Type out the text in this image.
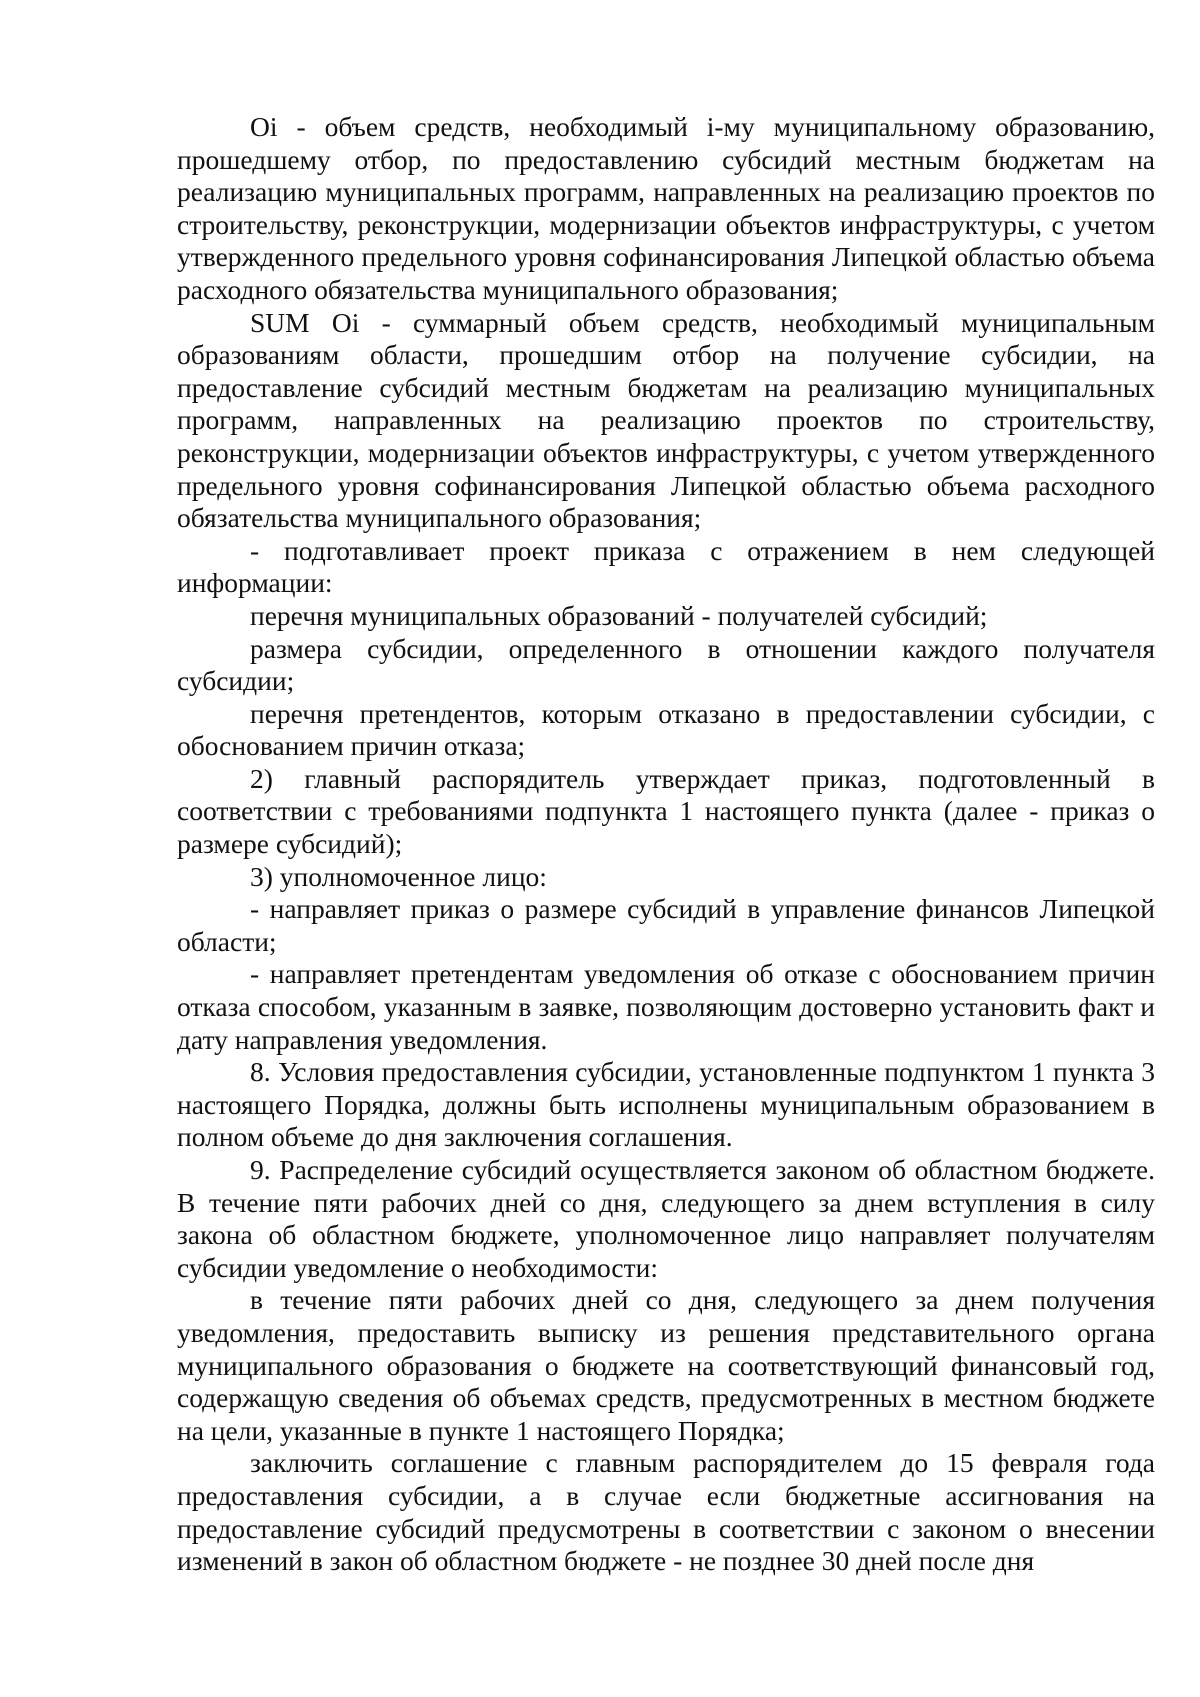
Oi - объем средств, необходимый i-му муниципальному образованию, прошедшему отбор, по предоставлению субсидий местным бюджетам на реализацию муниципальных программ, направленных на реализацию проектов по строительству, реконструкции, модернизации объектов инфраструктуры, с учетом утвержденного предельного уровня софинансирования Липецкой областью объема расходного обязательства муниципального образования;

SUM Oi - суммарный объем средств, необходимый муниципальным образованиям области, прошедшим отбор на получение субсидии, на предоставление субсидий местным бюджетам на реализацию муниципальных программ, направленных на реализацию проектов по строительству, реконструкции, модернизации объектов инфраструктуры, с учетом утвержденного предельного уровня софинансирования Липецкой областью объема расходного обязательства муниципального образования;

- подготавливает проект приказа с отражением в нем следующей информации:

перечня муниципальных образований - получателей субсидий;

размера субсидии, определенного в отношении каждого получателя субсидии;

перечня претендентов, которым отказано в предоставлении субсидии, с обоснованием причин отказа;

2) главный распорядитель утверждает приказ, подготовленный в соответствии с требованиями подпункта 1 настоящего пункта (далее - приказ о размере субсидий);

3) уполномоченное лицо:

- направляет приказ о размере субсидий в управление финансов Липецкой области;

- направляет претендентам уведомления об отказе с обоснованием причин отказа способом, указанным в заявке, позволяющим достоверно установить факт и дату направления уведомления.

8. Условия предоставления субсидии, установленные подпунктом 1 пункта 3 настоящего Порядка, должны быть исполнены муниципальным образованием в полном объеме до дня заключения соглашения.

9. Распределение субсидий осуществляется законом об областном бюджете. В течение пяти рабочих дней со дня, следующего за днем вступления в силу закона об областном бюджете, уполномоченное лицо направляет получателям субсидии уведомление о необходимости:

в течение пяти рабочих дней со дня, следующего за днем получения уведомления, предоставить выписку из решения представительного органа муниципального образования о бюджете на соответствующий финансовый год, содержащую сведения об объемах средств, предусмотренных в местном бюджете на цели, указанные в пункте 1 настоящего Порядка;

заключить соглашение с главным распорядителем до 15 февраля года предоставления субсидии, а в случае если бюджетные ассигнования на предоставление субсидий предусмотрены в соответствии с законом о внесении изменений в закон об областном бюджете - не позднее 30 дней после дня
